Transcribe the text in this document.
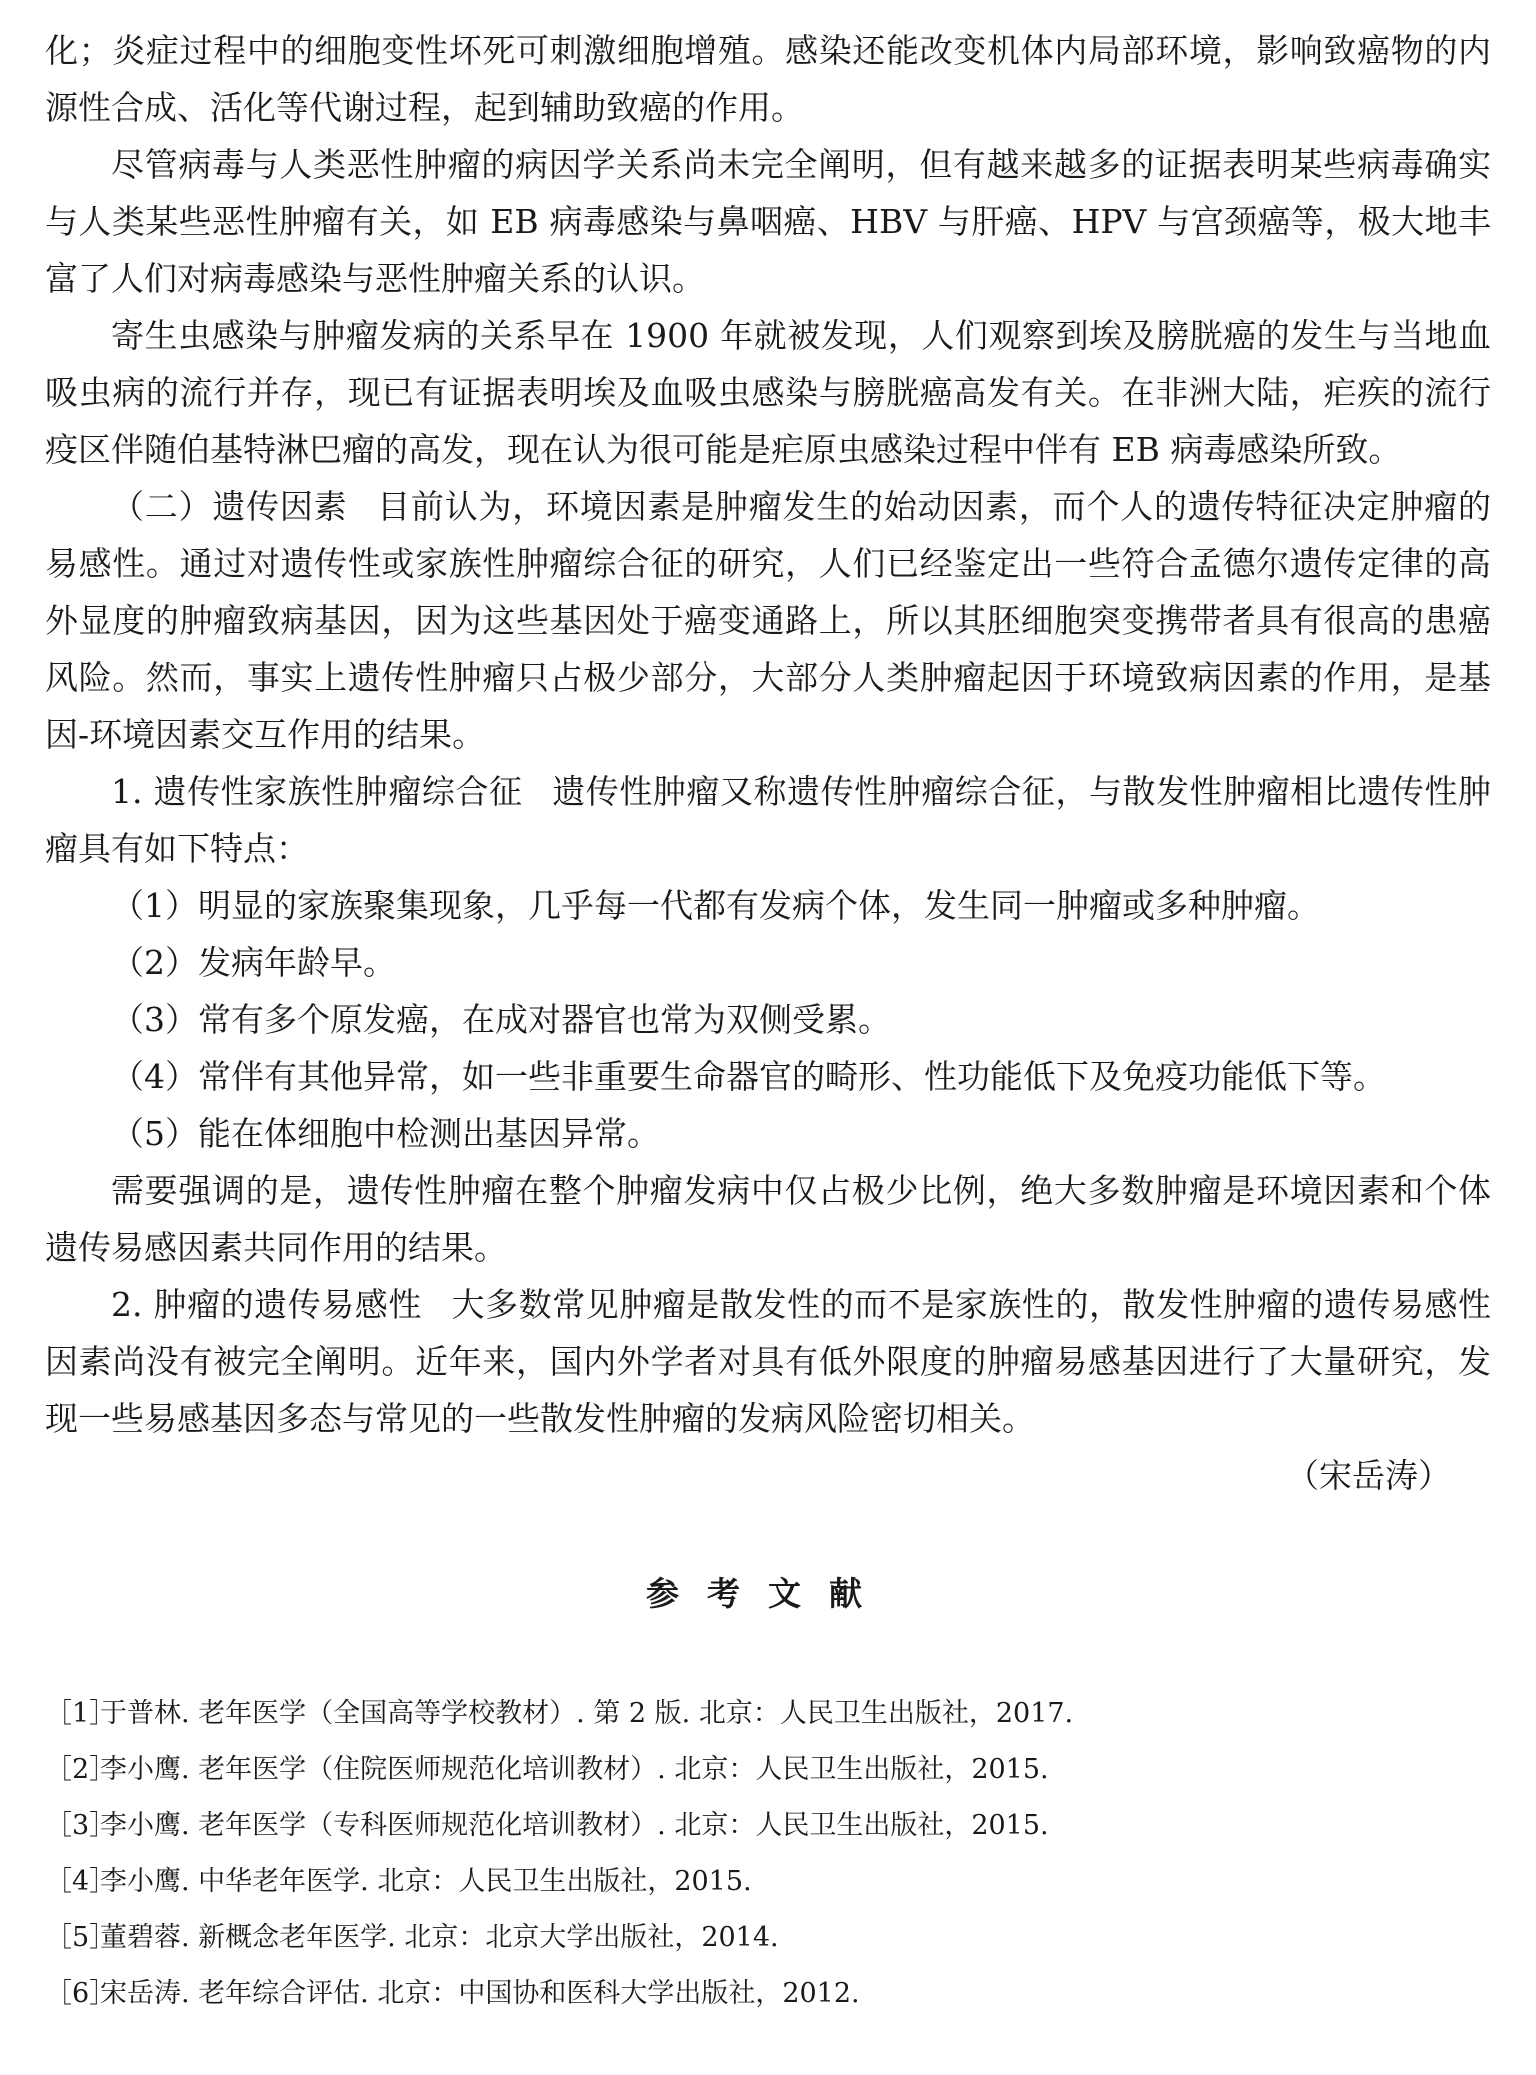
化；炎症过程中的细胞变性坏死可刺激细胞增殖。感染还能改变机体内局部环境，影响致癌物的内源性合成、活化等代谢过程，起到辅助致癌的作用。

尽管病毒与人类恶性肿瘤的病因学关系尚未完全阐明，但有越来越多的证据表明某些病毒确实与人类某些恶性肿瘤有关，如 EB 病毒感染与鼻咽癌、HBV 与肝癌、HPV 与宫颈癌等，极大地丰富了人们对病毒感染与恶性肿瘤关系的认识。

寄生虫感染与肿瘤发病的关系早在 1900 年就被发现，人们观察到埃及膀胱癌的发生与当地血吸虫病的流行并存，现已有证据表明埃及血吸虫感染与膀胱癌高发有关。在非洲大陆，疟疾的流行疫区伴随伯基特淋巴瘤的高发，现在认为很可能是疟原虫感染过程中伴有 EB 病毒感染所致。

（二）遗传因素 目前认为，环境因素是肿瘤发生的始动因素，而个人的遗传特征决定肿瘤的易感性。通过对遗传性或家族性肿瘤综合征的研究，人们已经鉴定出一些符合孟德尔遗传定律的高外显度的肿瘤致病基因，因为这些基因处于癌变通路上，所以其胚细胞突变携带者具有很高的患癌风险。然而，事实上遗传性肿瘤只占极少部分，大部分人类肿瘤起因于环境致病因素的作用，是基因-环境因素交互作用的结果。

1. 遗传性家族性肿瘤综合征 遗传性肿瘤又称遗传性肿瘤综合征，与散发性肿瘤相比遗传性肿瘤具有如下特点：

（1）明显的家族聚集现象，几乎每一代都有发病个体，发生同一肿瘤或多种肿瘤。

（2）发病年龄早。

（3）常有多个原发癌，在成对器官也常为双侧受累。

（4）常伴有其他异常，如一些非重要生命器官的畸形、性功能低下及免疫功能低下等。

（5）能在体细胞中检测出基因异常。

需要强调的是，遗传性肿瘤在整个肿瘤发病中仅占极少比例，绝大多数肿瘤是环境因素和个体遗传易感因素共同作用的结果。

2. 肿瘤的遗传易感性 大多数常见肿瘤是散发性的而不是家族性的，散发性肿瘤的遗传易感性因素尚没有被完全阐明。近年来，国内外学者对具有低外限度的肿瘤易感基因进行了大量研究，发现一些易感基因多态与常见的一些散发性肿瘤的发病风险密切相关。

（宋岳涛）

参考文献
［1］于普林. 老年医学（全国高等学校教材）. 第 2 版. 北京：人民卫生出版社，2017.
［2］李小鹰. 老年医学（住院医师规范化培训教材）. 北京：人民卫生出版社，2015.
［3］李小鹰. 老年医学（专科医师规范化培训教材）. 北京：人民卫生出版社，2015.
［4］李小鹰. 中华老年医学. 北京：人民卫生出版社，2015.
［5］董碧蓉. 新概念老年医学. 北京：北京大学出版社，2014.
［6］宋岳涛. 老年综合评估. 北京：中国协和医科大学出版社，2012.
